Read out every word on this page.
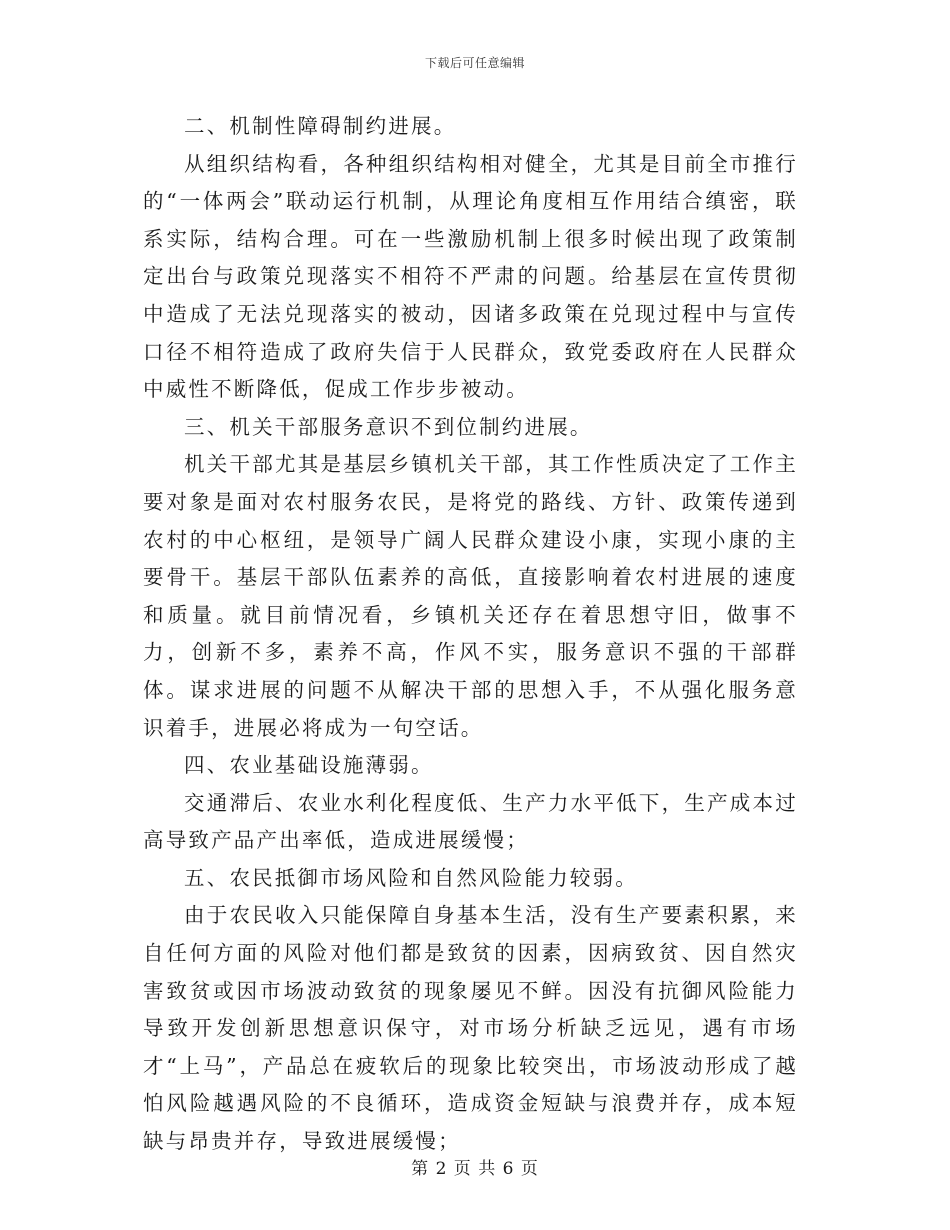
下载后可任意编辑

二、机制性障碍制约进展。

从组织结构看，各种组织结构相对健全，尤其是目前全市推行的“一体两会”联动运行机制，从理论角度相互作用结合缜密，联系实际，结构合理。可在一些激励机制上很多时候出现了政策制定出台与政策兑现落实不相符不严肃的问题。给基层在宣传贯彻中造成了无法兑现落实的被动，因诸多政策在兑现过程中与宣传口径不相符造成了政府失信于人民群众，致党委政府在人民群众中威性不断降低，促成工作步步被动。

三、机关干部服务意识不到位制约进展。

机关干部尤其是基层乡镇机关干部，其工作性质决定了工作主要对象是面对农村服务农民，是将党的路线、方针、政策传递到农村的中心枢纽，是领导广阔人民群众建设小康，实现小康的主要骨干。基层干部队伍素养的高低，直接影响着农村进展的速度和质量。就目前情况看，乡镇机关还存在着思想守旧，做事不力，创新不多，素养不高，作风不实，服务意识不强的干部群体。谋求进展的问题不从解决干部的思想入手，不从强化服务意识着手，进展必将成为一句空话。

四、农业基础设施薄弱。

交通滞后、农业水利化程度低、生产力水平低下，生产成本过高导致产品产出率低，造成进展缓慢；

五、农民抵御市场风险和自然风险能力较弱。

由于农民收入只能保障自身基本生活，没有生产要素积累，来自任何方面的风险对他们都是致贫的因素，因病致贫、因自然灾害致贫或因市场波动致贫的现象屡见不鲜。因没有抗御风险能力导致开发创新思想意识保守，对市场分析缺乏远见，遇有市场才“上马”，产品总在疲软后的现象比较突出，市场波动形成了越怕风险越遇风险的不良循环，造成资金短缺与浪费并存，成本短缺与昂贵并存，导致进展缓慢；

第 2 页 共 6 页
